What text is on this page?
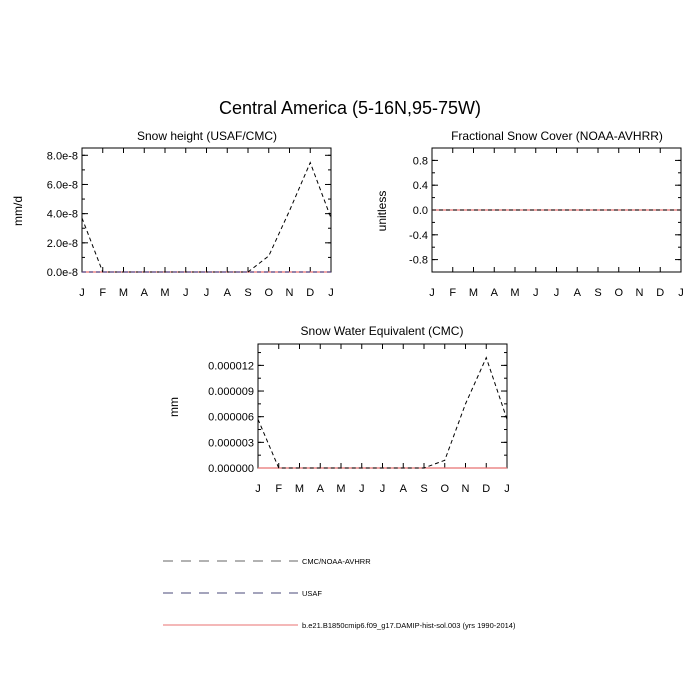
Central America (5-16N,95-75W)
Snow height (USAF/CMC)
mm/d
J F M A M J J A S O N D J
0.0e-8
2.0e-8
4.0e-8
6.0e-8
8.0e-8
Fractional Snow Cover (NOAA-AVHRR)
unitless
J F M A M J J A S O N D J
-0.8
-0.4
0.0
0.4
0.8
Snow Water Equivalent (CMC)
mm
J F M A M J J A S O N D J
0.000000
0.000003
0.000006
0.000009
0.000012
CMC/NOAA-AVHRR
USAF
b.e21.B1850cmip6.f09_g17.DAMIP-hist-sol.003 (yrs 1990-2014)
